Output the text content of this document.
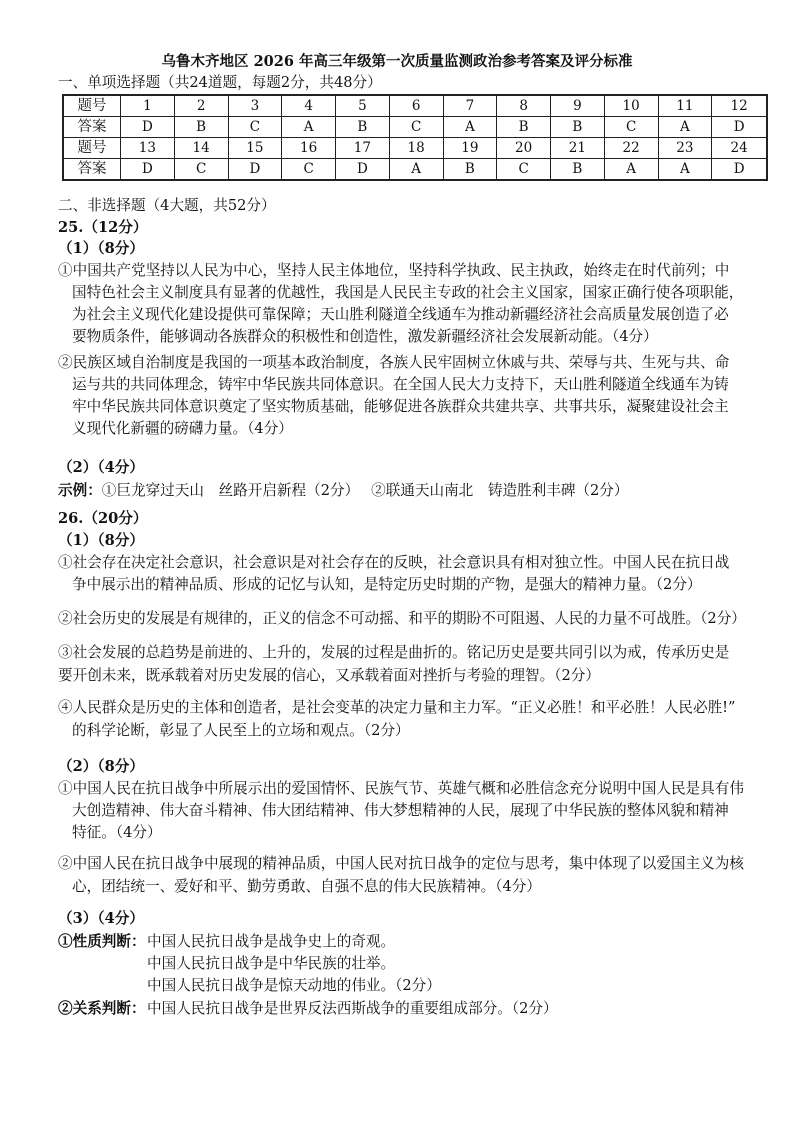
乌鲁木齐地区 2026 年高三年级第一次质量监测政治参考答案及评分标准
一、单项选择题（共24道题，每题2分，共48分）
题号	1	2	3	4	5	6	7	8	9	10	11	12
答案	D	B	C	A	B	C	A	B	B	C	A	D
题号	13	14	15	16	17	18	19	20	21	22	23	24
答案	D	C	D	C	D	A	B	C	B	A	A	D
二、非选择题（4大题，共52分）
25.（12分）
（1）（8分）
①中国共产党坚持以人民为中心，坚持人民主体地位，坚持科学执政、民主执政，始终走在时代前列；中
国特色社会主义制度具有显著的优越性，我国是人民民主专政的社会主义国家，国家正确行使各项职能，
为社会主义现代化建设提供可靠保障；天山胜利隧道全线通车为推动新疆经济社会高质量发展创造了必
要物质条件，能够调动各族群众的积极性和创造性，激发新疆经济社会发展新动能。（4分）
②民族区域自治制度是我国的一项基本政治制度，各族人民牢固树立休戚与共、荣辱与共、生死与共、命
运与共的共同体理念，铸牢中华民族共同体意识。在全国人民大力支持下，天山胜利隧道全线通车为铸
牢中华民族共同体意识奠定了坚实物质基础，能够促进各族群众共建共享、共事共乐，凝聚建设社会主
义现代化新疆的磅礴力量。（4分）
①社会存在决定社会意识，社会意识是对社会存在的反映，社会意识具有相对独立性。中国人民在抗日战
争中展示出的精神品质、形成的记忆与认知，是特定历史时期的产物，是强大的精神力量。（2分）
②社会历史的发展是有规律的，正义的信念不可动摇、和平的期盼不可阻遏、人民的力量不可战胜。（2分）
③社会发展的总趋势是前进的、上升的，发展的过程是曲折的。铭记历史是要共同引以为戒，传承历史是
要开创未来，既承载着对历史发展的信心，又承载着面对挫折与考验的理智。（2分）
④人民群众是历史的主体和创造者，是社会变革的决定力量和主力军。“正义必胜！和平必胜！人民必胜!”
的科学论断，彰显了人民至上的立场和观点。（2分）
①中国人民在抗日战争中所展示出的爱国情怀、民族气节、英雄气概和必胜信念充分说明中国人民是具有伟
大创造精神、伟大奋斗精神、伟大团结精神、伟大梦想精神的人民，展现了中华民族的整体风貌和精神
特征。（4分）
②中国人民在抗日战争中展现的精神品质，中国人民对抗日战争的定位与思考，集中体现了以爱国主义为核
心，团结统一、爱好和平、勤劳勇敢、自强不息的伟大民族精神。（4分）
（2）（4分）
示例：①巨龙穿过天山　丝路开启新程（2分）　 ②联通天山南北　铸造胜利丰碑（2分）
26.（20分）
（1）（8分）
（2）（8分）
（3）（4分）
①性质判断： 中国人民抗日战争是战争史上的奇观。
中国人民抗日战争是中华民族的壮举。
中国人民抗日战争是惊天动地的伟业。（2分）
②关系判断： 中国人民抗日战争是世界反法西斯战争的重要组成部分。（2分）
